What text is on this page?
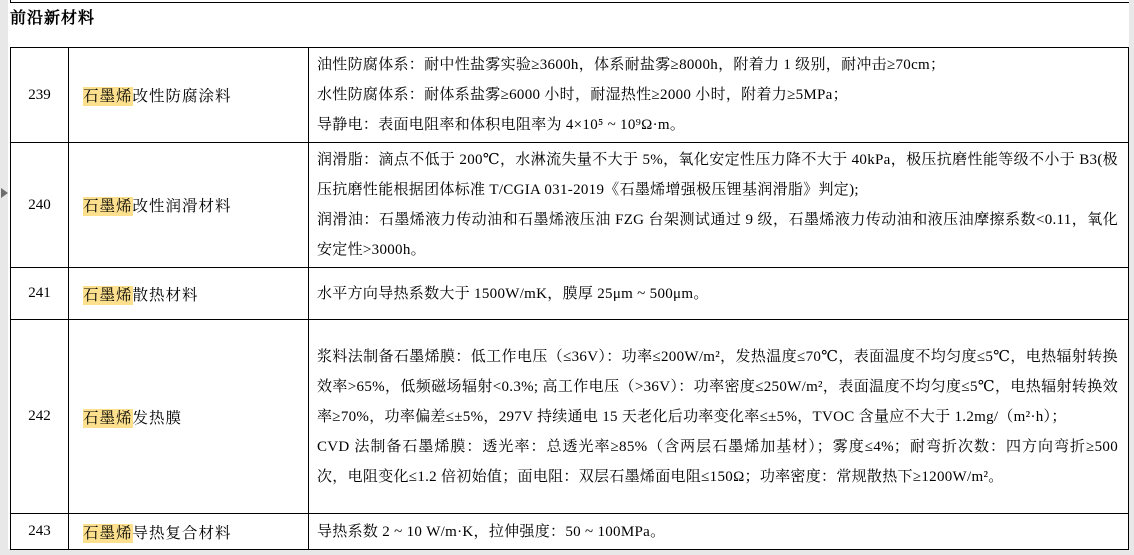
前沿新材料
239	石墨烯改性防腐涂料	油性防腐体系：耐中性盐雾实验≥3600h，体系耐盐雾≥8000h，附着力 1 级别，耐冲击≥70cm；

水性防腐体系：耐体系盐雾≥6000 小时，耐湿热性≥2000 小时，附着力≥5MPa；

导静电：表面电阻率和体积电阻率为 4×10⁵ ~ 10⁹Ω·m。

240	石墨烯改性润滑材料	润滑脂：滴点不低于 200℃，水淋流失量不大于 5%，氧化安定性压力降不大于 40kPa，极压抗磨性能等级不小于 B3(极压抗磨性能根据团体标准 T/CGIA 031-2019《石墨烯增强极压锂基润滑脂》判定);

润滑油：石墨烯液力传动油和石墨烯液压油 FZG 台架测试通过 9 级，石墨烯液力传动油和液压油摩擦系数<0.11，氧化安定性>3000h。

241	石墨烯散热材料	水平方向导热系数大于 1500W/mK，膜厚 25μm ~ 500μm。

242	石墨烯发热膜	浆料法制备石墨烯膜：低工作电压（≤36V）：功率≤200W/m²，发热温度≤70℃，表面温度不均匀度≤5℃，电热辐射转换效率>65%，低频磁场辐射<0.3%; 高工作电压（>36V）：功率密度≤250W/m²，表面温度不均匀度≤5℃，电热辐射转换效率≥70%，功率偏差≤±5%，297V 持续通电 15 天老化后功率变化率≤±5%，TVOC 含量应不大于 1.2mg/（m²·h）；

CVD 法制备石墨烯膜：透光率：总透光率≥85%（含两层石墨烯加基材）；雾度≤4%；耐弯折次数：四方向弯折≥500 次，电阻变化≤1.2 倍初始值；面电阻：双层石墨烯面电阻≤150Ω；功率密度：常规散热下≥1200W/m²。

243	石墨烯导热复合材料	导热系数 2 ~ 10 W/m·K，拉伸强度：50 ~ 100MPa。
